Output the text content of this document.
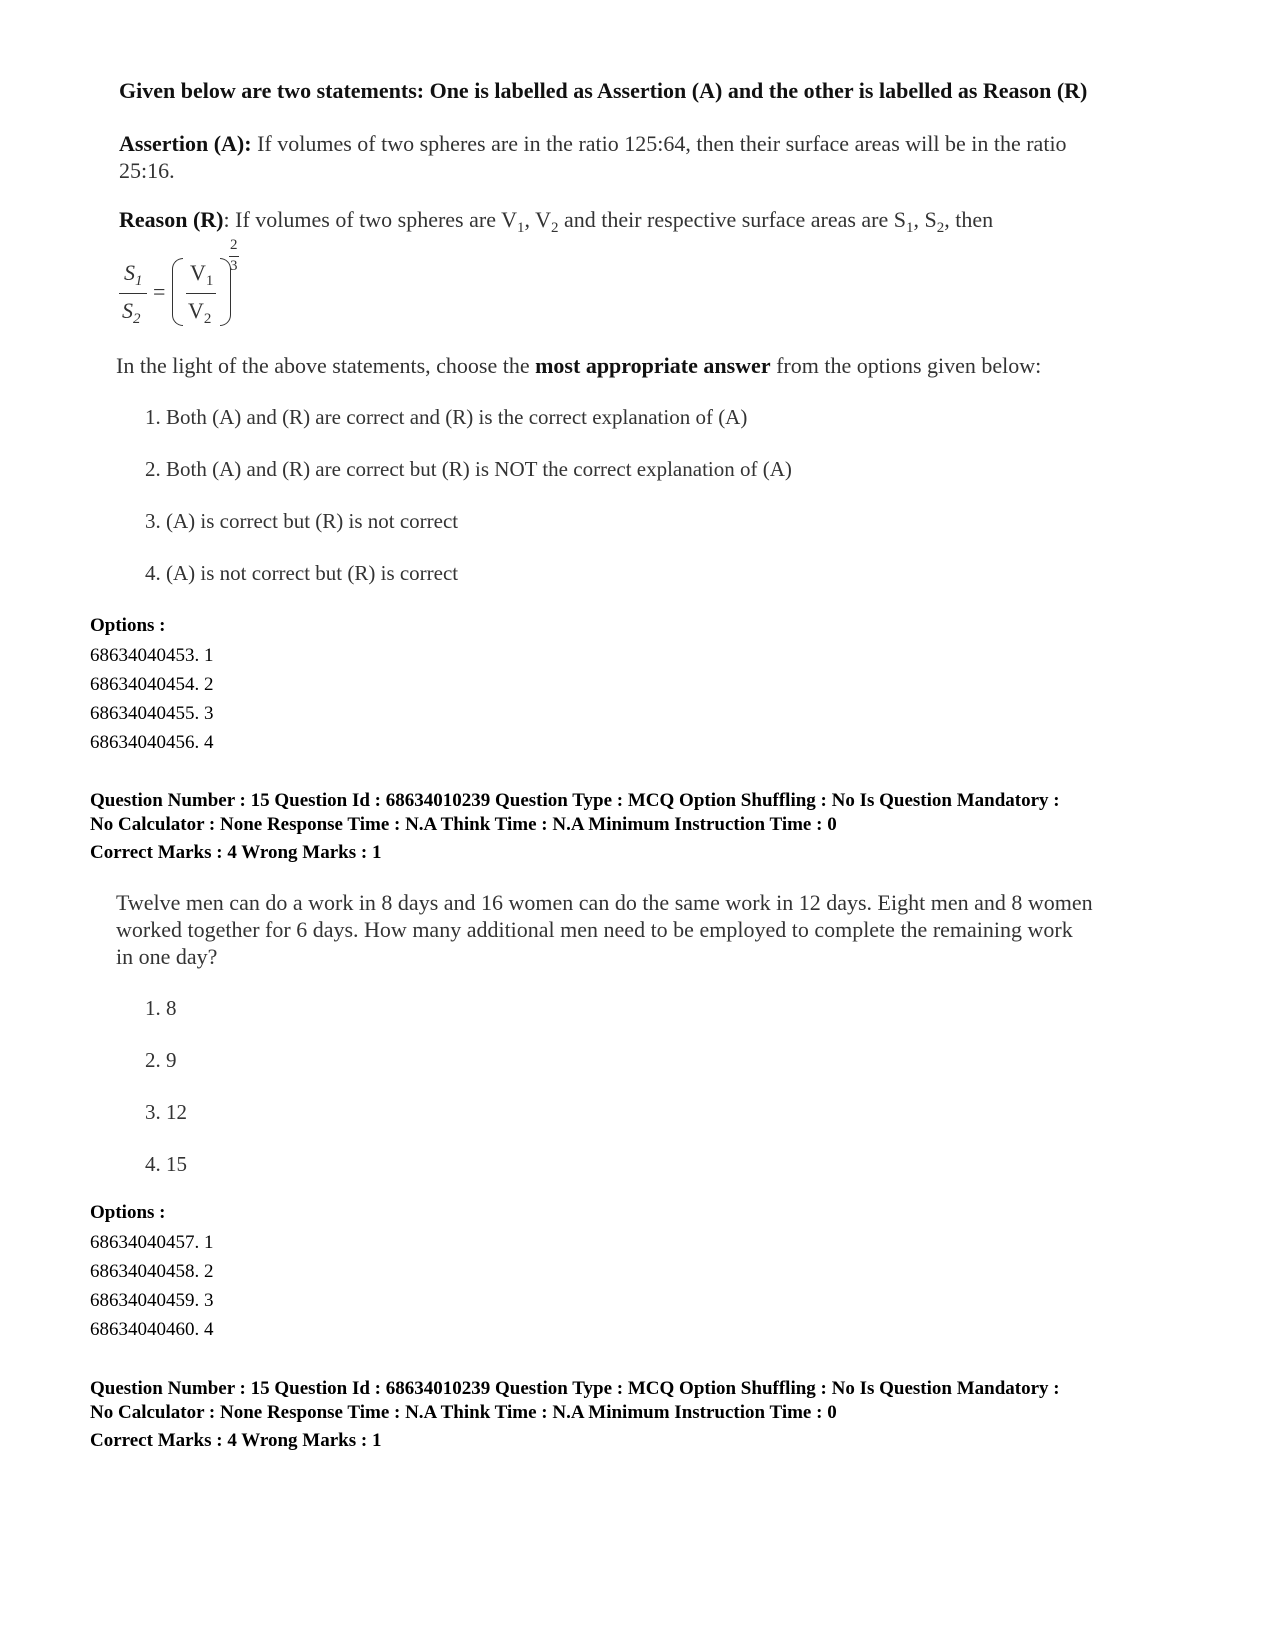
Given below are two statements: One is labelled as Assertion (A) and the other is labelled as Reason (R)
Assertion (A): If volumes of two spheres are in the ratio 125:64, then their surface areas will be in the ratio
25:16.
Reason (R): If volumes of two spheres are $V_1$, $V_2$ and their respective surface areas are $S_1$, $S_2$, then
$S_1$
$S_2$
=
$V_1$
$V_2$
2
3
In the light of the above statements, choose the most appropriate answer from the options given below:
1. Both (A) and (R) are correct and (R) is the correct explanation of (A)
2. Both (A) and (R) are correct but (R) is NOT the correct explanation of (A)
3. (A) is correct but (R) is not correct
4. (A) is not correct but (R) is correct
Options :
68634040453. 1
68634040454. 2
68634040455. 3
68634040456. 4
Question Number : 15 Question Id : 68634010239 Question Type : MCQ Option Shuffling : No Is Question Mandatory :
No Calculator : None Response Time : N.A Think Time : N.A Minimum Instruction Time : 0
Correct Marks : 4 Wrong Marks : 1
Twelve men can do a work in 8 days and 16 women can do the same work in 12 days. Eight men and 8 women
worked together for 6 days. How many additional men need to be employed to complete the remaining work
in one day?
1. 8
2. 9
3. 12
4. 15
Options :
68634040457. 1
68634040458. 2
68634040459. 3
68634040460. 4
Question Number : 15 Question Id : 68634010239 Question Type : MCQ Option Shuffling : No Is Question Mandatory :
No Calculator : None Response Time : N.A Think Time : N.A Minimum Instruction Time : 0
Correct Marks : 4 Wrong Marks : 1
